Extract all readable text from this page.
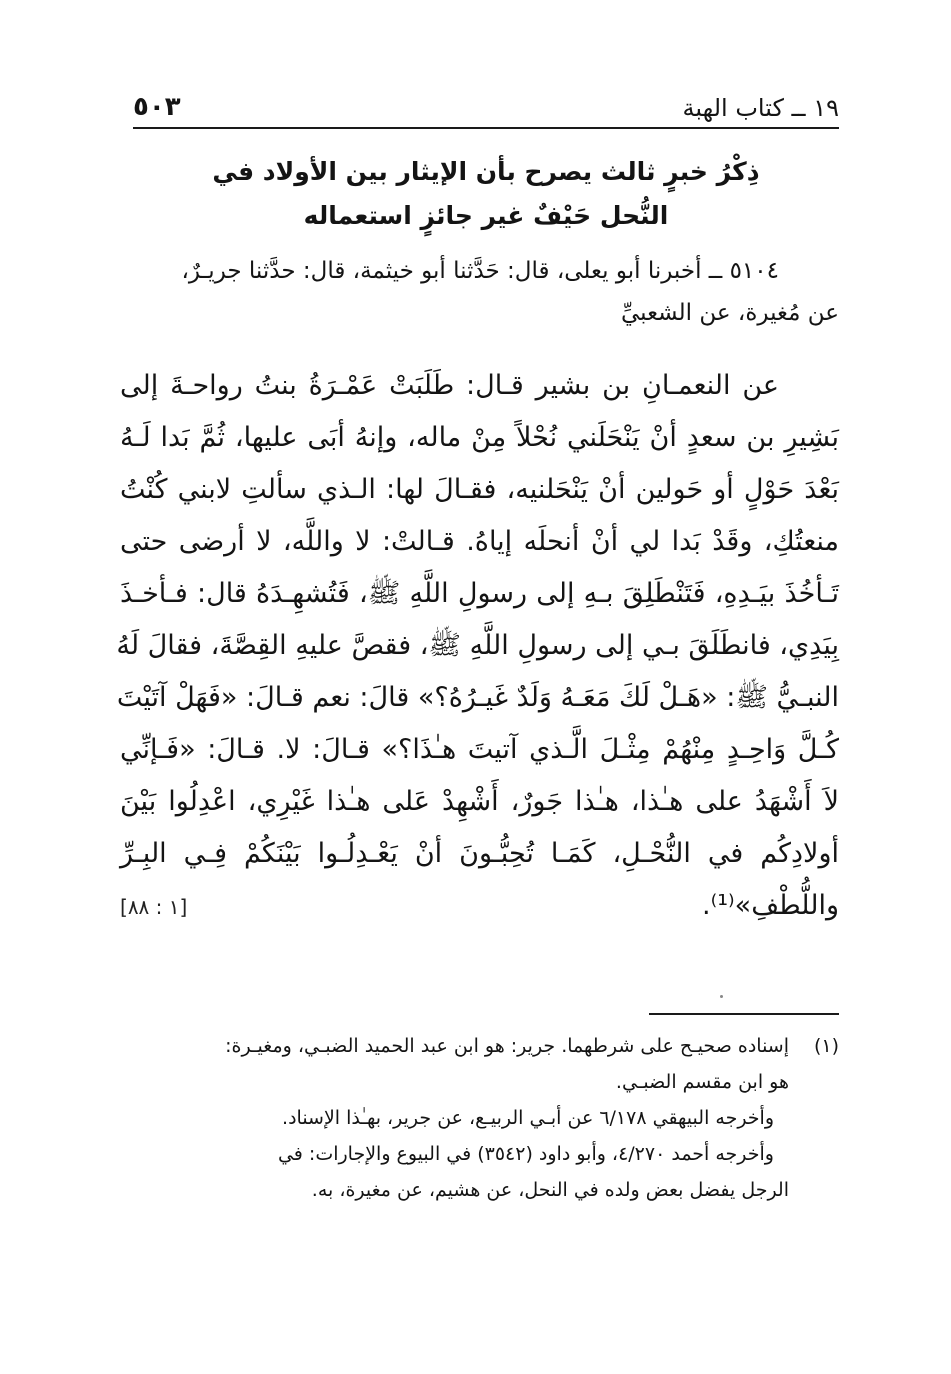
١٩ ــ كتاب الهبة
٥٠٣
ذِكْرُ خبرٍ ثالث يصرح بأن الإيثار بين الأولاد في
النُّحل حَيْفٌ غير جائزٍ استعماله
٥١٠٤ ــ أخبرنا أبو يعلى، قال: حَدَّثنا أبو خيثمة، قال: حدَّثنا جريـرٌ،
عن مُغيرة، عن الشعبيِّ
عن النعمـانِ بن بشير قـال: طَلَبَتْ عَمْـرَةُ بنتُ رواحـةَ إلى
بَشِيرِ بن سعدٍ أنْ يَنْحَلَني نُحْلاً مِنْ ماله، وإنهُ أبَى عليها، ثُمَّ بَدا لَـهُ
بَعْدَ حَوْلٍ أو حَولين أنْ يَنْحَلنيه، فقـالَ لها: الـذي سألتِ لابني كُنْتُ
منعتُكِ، وقَدْ بَدا لي أنْ أنحلَه إياهُ. قـالتْ: لا واللَّه، لا أرضى حتى
تَـأخُذَ بيَـدِهِ، فَتَنْطَلِقَ بـهِ إلى رسولِ اللَّهِ ﷺ، فَتُشهِـدَهُ قال: فـأخـذَ
بِيَدِي، فانطَلَقَ بـي إلى رسولِ اللَّهِ ﷺ، فقصَّ عليهِ القِصَّةَ، فقالَ لَهُ
النبـيُّ ﷺ: «هَـلْ لَكَ مَعَـهُ وَلَدٌ غَيـرُهُ؟» قالَ: نعم قـالَ: «فَهَلْ آتَيْتَ
كُـلَّ وَاحِـدٍ مِنْهُمْ مِثْـلَ الَّـذي آتيتَ هـٰذَا؟» قـالَ: لا. قـالَ: «فَـإنِّي
لاَ أَشْهَدُ على هـٰذا، هـٰذا جَورٌ، أَشْهِدْ عَلى هـٰذا غَيْرِي، اعْدِلُوا بَيْنَ
أولادِكُم في النُّحْـلِ، كَمَـا تُحِبُّـونَ أنْ يَعْـدِلُـوا بَيْنَكُمْ فِـي البِـرِّ
واللُّطْفِ»⁽¹⁾.
[١ : ٨٨]
(١)
إسناده صحيـح على شرطهما. جرير: هو ابن عبد الحميد الضبـي، ومغيـرة:
هو ابن مقسم الضبـي.
وأخرجه البيهقي ٦/١٧٨ عن أبـي الربيـع، عن جرير، بهـٰذا الإسناد.
وأخرجه أحمد ٤/٢٧٠، وأبو داود (٣٥٤٢) في البيوع والإجارات: في
الرجل يفضل بعض ولده في النحل، عن هشيم، عن مغيرة، به.
